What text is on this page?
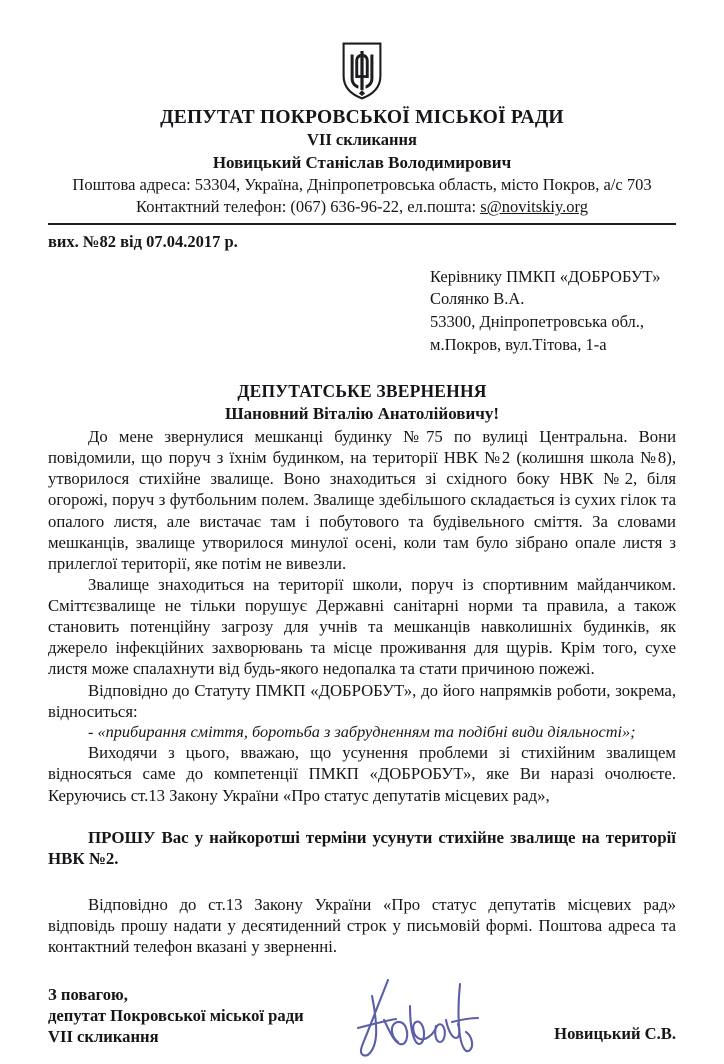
ДЕПУТАТ ПОКРОВСЬКОЇ МІСЬКОЇ РАДИ

VII скликання

Новицький Станіслав Володимирович

Поштова адреса: 53304, Україна, Дніпропетровська область, місто Покров, а/с 703

Контактний телефон: (067) 636-96-22, ел.пошта: s@novitskiy.org

вих. №82 від 07.04.2017 р.

Керівнику ПМКП «ДОБРОБУТ»
Солянко В.А.
53300, Дніпропетровська обл.,
м.Покров, вул.Тітова, 1-а

ДЕПУТАТСЬКЕ ЗВЕРНЕННЯ

Шановний Віталію Анатолійовичу!

До мене звернулися мешканці будинку №75 по вулиці Центральна. Вони повідомили, що поруч з їхнім будинком, на території НВК №2 (колишня школа №8), утворилося стихійне звалище. Воно знаходиться зі східного боку НВК №2, біля огорожі, поруч з футбольним полем. Звалище здебільшого складається із сухих гілок та опалого листя, але вистачає там і побутового та будівельного сміття. За словами мешканців, звалище утворилося минулої осені, коли там було зібрано опале листя з прилеглої території, яке потім не вивезли.

Звалище знаходиться на території школи, поруч із спортивним майданчиком. Сміттєзвалище не тільки порушує Державні санітарні норми та правила, а також становить потенційну загрозу для учнів та мешканців навколишніх будинків, як джерело інфекційних захворювань та місце проживання для щурів. Крім того, сухе листя може спалахнути від будь-якого недопалка та стати причиною пожежі.

Відповідно до Статуту ПМКП «ДОБРОБУТ», до його напрямків роботи, зокрема, відноситься:

- «прибирання сміття, боротьба з забрудненням та подібні види діяльності»;

Виходячи з цього, вважаю, що усунення проблеми зі стихійним звалищем відносяться саме до компетенції ПМКП «ДОБРОБУТ», яке Ви наразі очолюєте. Керуючись ст.13 Закону України «Про статус депутатів місцевих рад»,

ПРОШУ Вас у найкоротші терміни усунути стихійне звалище на території НВК №2.

Відповідно до ст.13 Закону України «Про статус депутатів місцевих рад» відповідь прошу надати у десятиденний строк у письмовій формі. Поштова адреса та контактний телефон вказані у зверненні.

З повагою,
депутат Покровської міської ради
VII скликання	Новицький С.В.
